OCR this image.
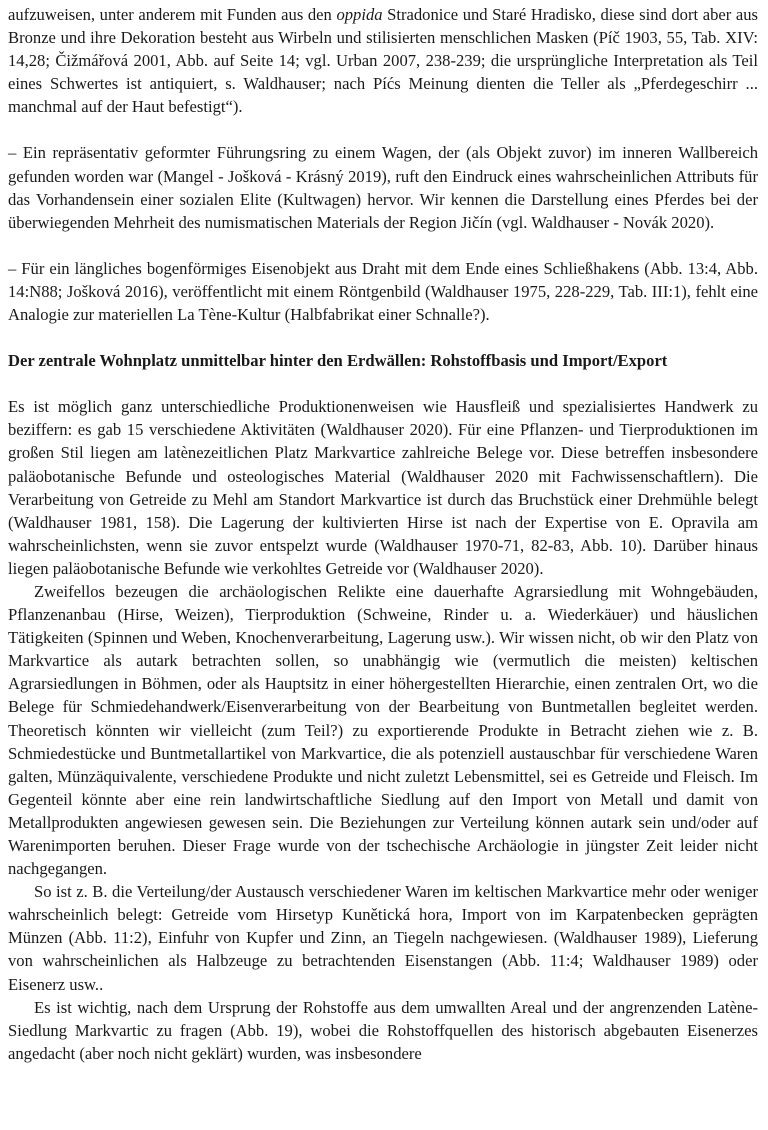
aufzuweisen, unter anderem mit Funden aus den oppida Stradonice und Staré Hradisko, diese sind dort aber aus Bronze und ihre Dekoration besteht aus Wirbeln und stilisierten menschlichen Masken (Píč 1903, 55, Tab. XIV: 14,28; Čižmářová 2001, Abb. auf Seite 14; vgl. Urban 2007, 238-239; die ursprüngliche Interpretation als Teil eines Schwertes ist antiquiert, s. Waldhauser; nach Píćs Meinung dienten die Teller als „Pferdegeschirr ... manchmal auf der Haut befestigt“).

– Ein repräsentativ geformter Führungsring zu einem Wagen, der (als Objekt zuvor) im inneren Wallbereich gefunden worden war (Mangel - Jošková - Krásný 2019), ruft den Eindruck eines wahrscheinlichen Attributs für das Vorhandensein einer sozialen Elite (Kultwagen) hervor. Wir kennen die Darstellung eines Pferdes bei der überwiegenden Mehrheit des numismatischen Materials der Region Jičín (vgl. Waldhauser - Novák 2020).

– Für ein längliches bogenförmiges Eisenobjekt aus Draht mit dem Ende eines Schließhakens (Abb. 13:4, Abb. 14:N88; Jošková 2016), veröffentlicht mit einem Röntgenbild (Waldhauser 1975, 228-229, Tab. III:1), fehlt eine Analogie zur materiellen La Tène-Kultur (Halbfabrikat einer Schnalle?).

Der zentrale Wohnplatz unmittelbar hinter den Erdwällen: Rohstoffbasis und Import/Export

Es ist möglich ganz unterschiedliche Produktionenweisen wie Hausfleiß und spezialisiertes Handwerk zu beziffern: es gab 15 verschiedene Aktivitäten (Waldhauser 2020). Für eine Pflanzen- und Tierproduktionen im großen Stil liegen am latènezeitlichen Platz Markvartice zahlreiche Belege vor. Diese betreffen insbesondere paläobotanische Befunde und osteologisches Material (Waldhauser 2020 mit Fachwissenschaftlern). Die Verarbeitung von Getreide zu Mehl am Standort Markvartice ist durch das Bruchstück einer Drehmühle belegt (Waldhauser 1981, 158). Die Lagerung der kultivierten Hirse ist nach der Expertise von E. Opravila am wahrscheinlichsten, wenn sie zuvor entspelzt wurde (Waldhauser 1970-71, 82-83, Abb. 10). Darüber hinaus liegen paläobotanische Befunde wie verkohltes Getreide vor (Waldhauser 2020).

Zweifellos bezeugen die archäologischen Relikte eine dauerhafte Agrarsiedlung mit Wohngebäuden, Pflanzenanbau (Hirse, Weizen), Tierproduktion (Schweine, Rinder u. a. Wiederkäuer) und häuslichen Tätigkeiten (Spinnen und Weben, Knochenverarbeitung, Lagerung usw.). Wir wissen nicht, ob wir den Platz von Markvartice als autark betrachten sollen, so unabhängig wie (vermutlich die meisten) keltischen Agrarsiedlungen in Böhmen, oder als Hauptsitz in einer höhergestellten Hierarchie, einen zentralen Ort, wo die Belege für Schmiedehandwerk/Eisenverarbeitung von der Bearbeitung von Buntmetallen begleitet werden. Theoretisch könnten wir vielleicht (zum Teil?) zu exportierende Produkte in Betracht ziehen wie z. B. Schmiedestücke und Buntmetallartikel von Markvartice, die als potenziell austauschbar für verschiedene Waren galten, Münzäquivalente, verschiedene Produkte und nicht zuletzt Lebensmittel, sei es Getreide und Fleisch. Im Gegenteil könnte aber eine rein landwirtschaftliche Siedlung auf den Import von Metall und damit von Metallprodukten angewiesen gewesen sein. Die Beziehungen zur Verteilung können autark sein und/oder auf Warenimporten beruhen. Dieser Frage wurde von der tschechische Archäologie in jüngster Zeit leider nicht nachgegangen.

So ist z. B. die Verteilung/der Austausch verschiedener Waren im keltischen Markvartice mehr oder weniger wahrscheinlich belegt: Getreide vom Hirsetyp Kunětická hora, Import von im Karpatenbecken geprägten Münzen (Abb. 11:2), Einfuhr von Kupfer und Zinn, an Tiegeln nachgewiesen. (Waldhauser 1989), Lieferung von wahrscheinlichen als Halbzeuge zu betrachtenden Eisenstangen (Abb. 11:4; Waldhauser 1989) oder Eisenerz usw..

Es ist wichtig, nach dem Ursprung der Rohstoffe aus dem umwallten Areal und der angrenzenden Latène-Siedlung Markvartic zu fragen (Abb. 19), wobei die Rohstoffquellen des historisch abgebauten Eisenerzes angedacht (aber noch nicht geklärt) wurden, was insbesondere
